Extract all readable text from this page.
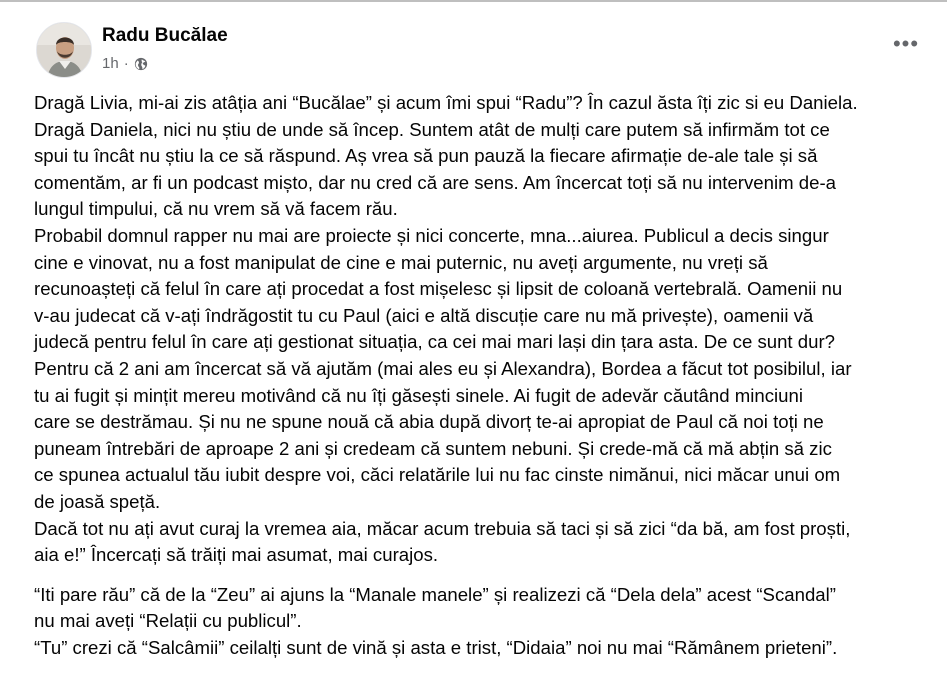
Radu Bucălae
1h ·
•••
Dragă Livia, mi-ai zis atâția ani “Bucălae” și acum îmi spui “Radu”? În cazul ăsta îți zic si eu Daniela.
Dragă Daniela, nici nu știu de unde să încep. Suntem atât de mulți care putem să infirmăm tot ce
spui tu încât nu știu la ce să răspund. Aș vrea să pun pauză la fiecare afirmație de-ale tale și să
comentăm, ar fi un podcast mișto, dar nu cred că are sens. Am încercat toți să nu intervenim de-a
lungul timpului, că nu vrem să vă facem rău.
Probabil domnul rapper nu mai are proiecte și nici concerte, mna...aiurea. Publicul a decis singur
cine e vinovat, nu a fost manipulat de cine e mai puternic, nu aveți argumente, nu vreți să
recunoașteți că felul în care ați procedat a fost mișelesc și lipsit de coloană vertebrală. Oamenii nu
v-au judecat că v-ați îndrăgostit tu cu Paul (aici e altă discuție care nu mă privește), oamenii vă
judecă pentru felul în care ați gestionat situația, ca cei mai mari lași din țara asta. De ce sunt dur?
Pentru că 2 ani am încercat să vă ajutăm (mai ales eu și Alexandra), Bordea a făcut tot posibilul, iar
tu ai fugit și mințit mereu motivând că nu îți găsești sinele. Ai fugit de adevăr căutând minciuni
care se destrămau. Și nu ne spune nouă că abia după divorț te-ai apropiat de Paul că noi toți ne
puneam întrebări de aproape 2 ani și credeam că suntem nebuni. Și crede-mă că mă abțin să zic
ce spunea actualul tău iubit despre voi, căci relatările lui nu fac cinste nimănui, nici măcar unui om
de joasă speță.
Dacă tot nu ați avut curaj la vremea aia, măcar acum trebuia să taci și să zici “da bă, am fost proști,
aia e!” Încercați să trăiți mai asumat, mai curajos.
“Iti pare rău” că de la “Zeu” ai ajuns la “Manale manele” și realizezi că “Dela dela” acest “Scandal”
nu mai aveți “Relații cu publicul”.
“Tu” crezi că “Salcâmii” ceilalți sunt de vină și asta e trist, “Didaia” noi nu mai “Rămânem prieteni”.
